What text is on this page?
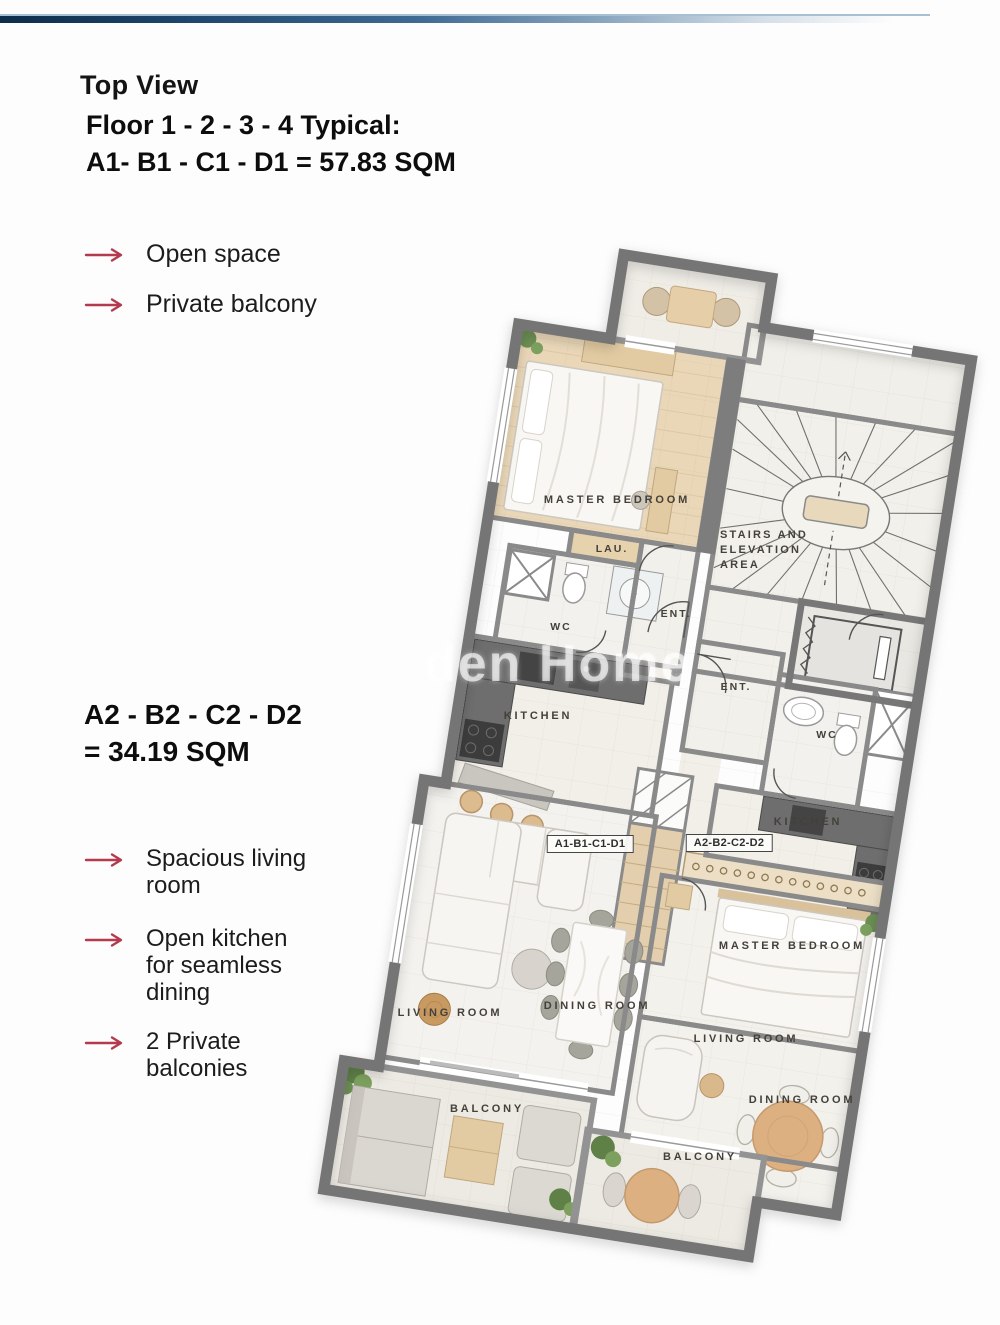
Top View
Floor 1 - 2 - 3 - 4 Typical:
A1- B1 - C1 - D1 = 57.83 SQM
Open space
Private balcony
A2 - B2 - C2 - D2
= 34.19 SQM
Spacious living room
Open kitchen for seamless dining
2 Private balconies
den Home
MASTER BEDROOM
LAU.
STAIRS AND ELEVATION AREA
ENT.
WC
KITCHEN
ENT.
WC
KITCHEN
MASTER BEDROOM
LIVING ROOM
DINING ROOM
LIVING ROOM
DINING ROOM
BALCONY
BALCONY
A1-B1-C1-D1	A2-B2-C2-D2
